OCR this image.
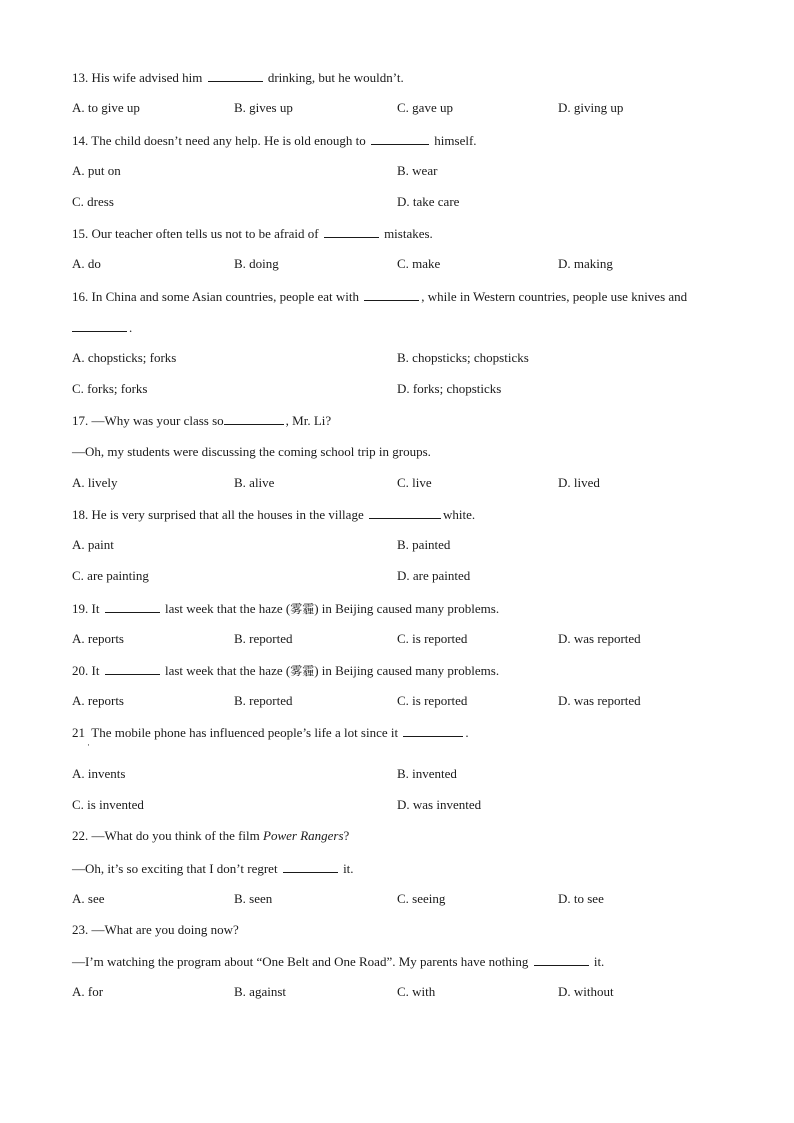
13. His wife advised him	drinking, but he wouldn’t.
A. to give up	B. gives up	C. gave up	D. giving up
14. The child doesn’t need any help. He is old enough to	himself.
A. put on	B. wear
C. dress	D. take care
15. Our teacher often tells us not to be afraid of	mistakes.
A. do	B. doing	C. make	D. making
16. In China and some Asian countries, people eat with	, while in Western countries, people use knives and
.
A. chopsticks; forks	B. chopsticks; chopsticks
C. forks; forks	D. forks; chopsticks
17. —Why was your class so	, Mr. Li?
—Oh, my students were discussing the coming school trip in groups.
A. lively	B. alive	C. live	D. lived
18. He is very surprised that all the houses in the village	white.
A. paint	B. painted
C. are painting	D. are painted
19. It	last week that the haze (雾霾) in Beijing caused many problems.
A. reports	B. reported	C. is reported	D. was reported
20. It	last week that the haze (雾霾) in Beijing caused many problems.
A. reports	B. reported	C. is reported	D. was reported
21  The mobile phone has influenced people’s life a lot since it	.
·
A. invents	B. invented
C. is invented	D. was invented
22. —What do you think of the film Power Rangers?
—Oh, it’s so exciting that I don’t regret	it.
A. see	B. seen	C. seeing	D. to see
23. —What are you doing now?
—I’m watching the program about “One Belt and One Road”. My parents have nothing	it.
A. for	B. against	C. with	D. without
